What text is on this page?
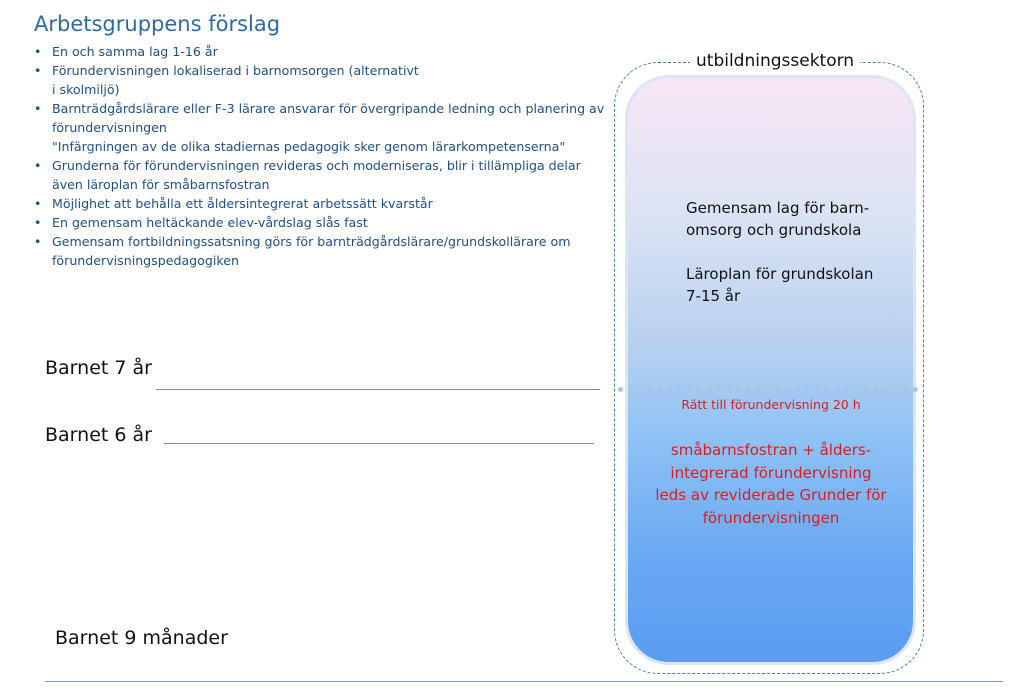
Arbetsgruppens förslag
• En och samma lag 1-16 år
• Förundervisningen lokaliserad i barnomsorgen (alternativt
i skolmiljö)
• Barnträdgårdslärare eller F-3 lärare ansvarar för övergripande ledning och planering av förundervisningen
"Infärgningen av de olika stadiernas pedagogik sker genom lärarkompetenserna"
• Grunderna för förundervisningen revideras och moderniseras, blir i tillämpliga delar även läroplan för småbarnsfostran
• Möjlighet att behålla ett åldersintegrerat arbetssätt kvarstår
• En gemensam heltäckande elev-vårdslag slås fast
• Gemensam fortbildningssatsning görs för barnträdgårdslärare/grundskollärare om förundervisningspedagogiken
Barnet 7 år
Barnet 6 år
Barnet 9 månader
utbildningssektorn
Gemensam lag för barn-
omsorg och grundskola
Läroplan för grundskolan
7-15 år
Rätt till förundervisning 20 h
småbarnsfostran + ålders-
integrerad förundervisning
leds av reviderade Grunder för
förundervisningen
